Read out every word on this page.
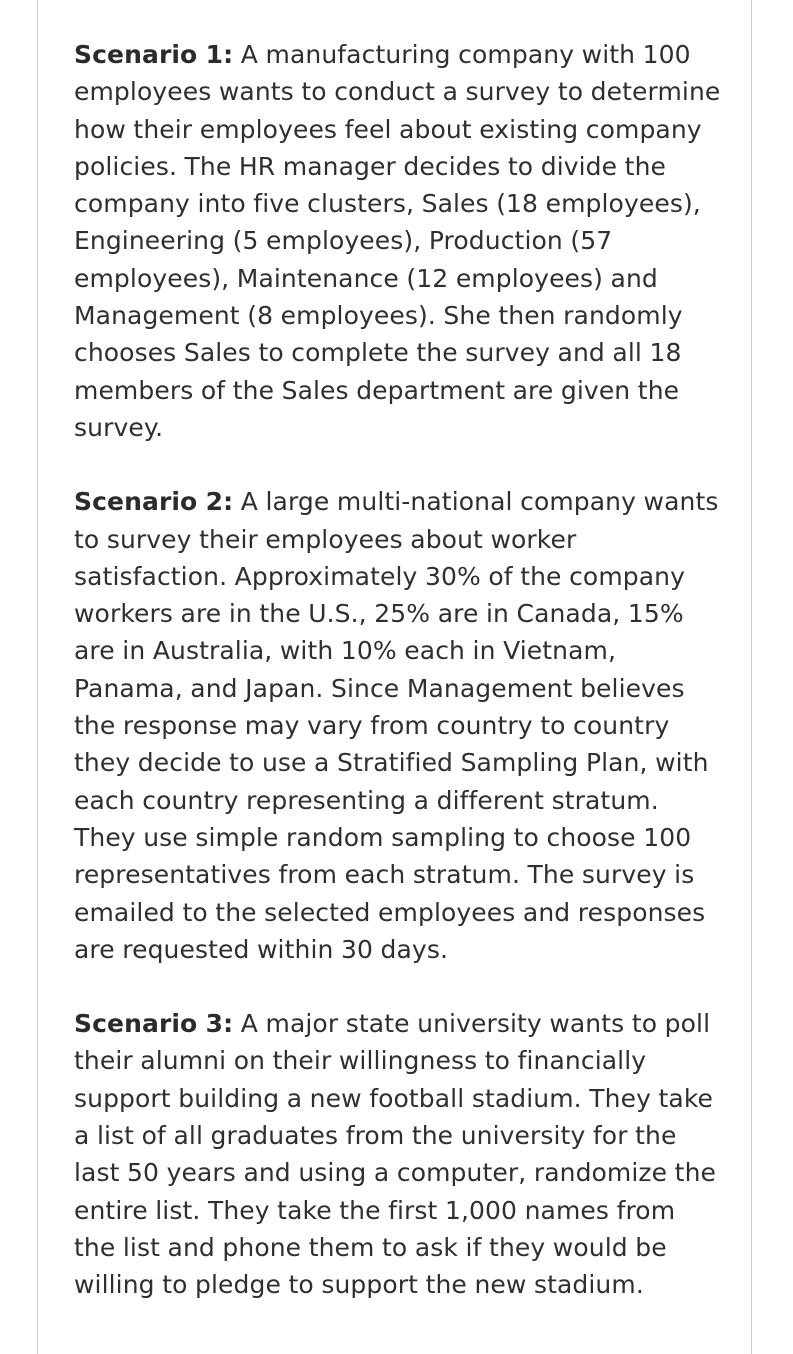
Scenario 1: A manufacturing company with 100 employees wants to conduct a survey to determine how their employees feel about existing company policies. The HR manager decides to divide the company into five clusters, Sales (18 employees), Engineering (5 employees), Production (57 employees), Maintenance (12 employees) and Management (8 employees). She then randomly chooses Sales to complete the survey and all 18 members of the Sales department are given the survey.

Scenario 2: A large multi-national company wants to survey their employees about worker satisfaction. Approximately 30% of the company workers are in the U.S., 25% are in Canada, 15% are in Australia, with 10% each in Vietnam, Panama, and Japan. Since Management believes the response may vary from country to country they decide to use a Stratified Sampling Plan, with each country representing a different stratum. They use simple random sampling to choose 100 representatives from each stratum. The survey is emailed to the selected employees and responses are requested within 30 days.

Scenario 3: A major state university wants to poll their alumni on their willingness to financially support building a new football stadium. They take a list of all graduates from the university for the last 50 years and using a computer, randomize the entire list. They take the first 1,000 names from the list and phone them to ask if they would be willing to pledge to support the new stadium.
